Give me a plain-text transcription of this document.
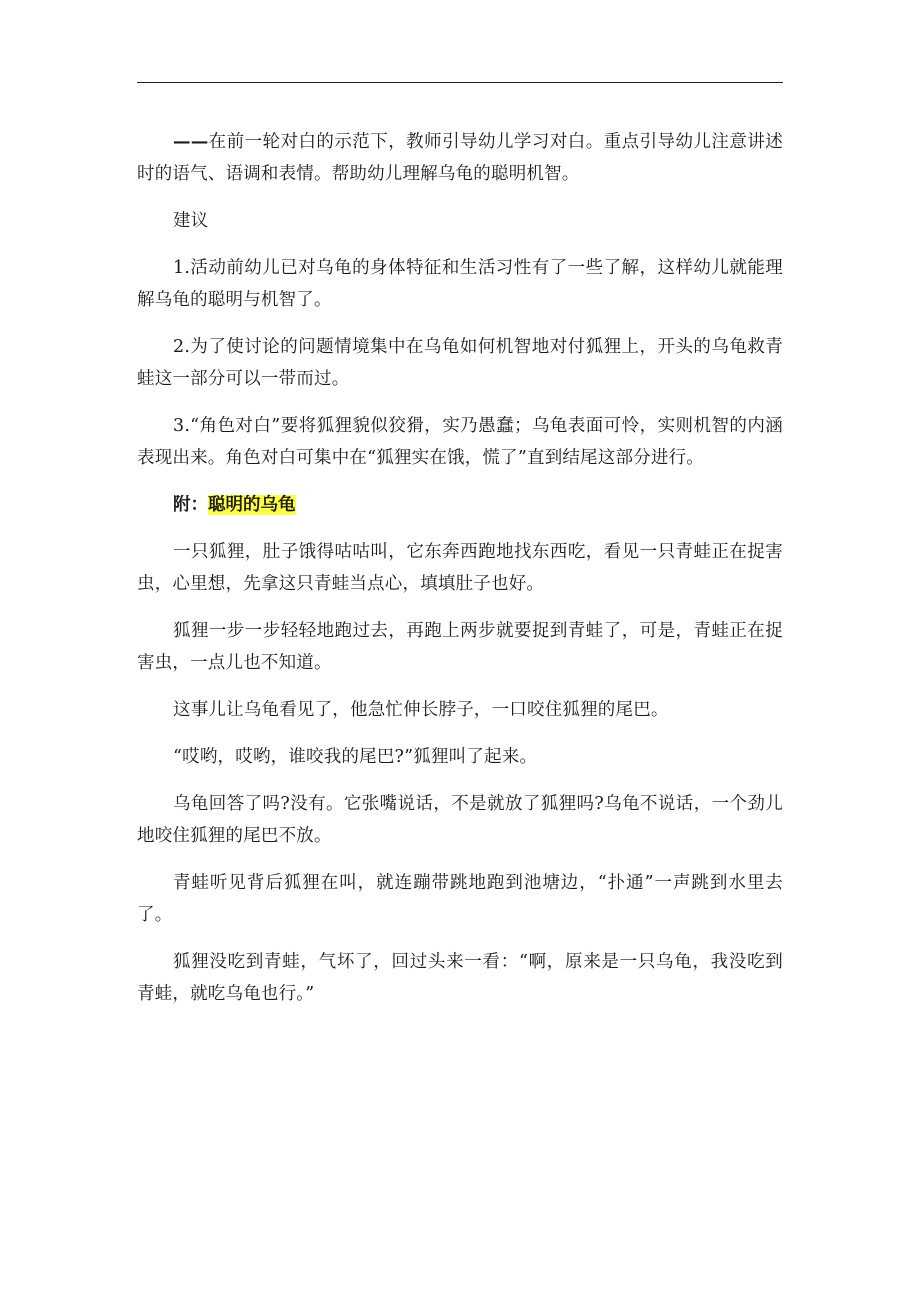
——在前一轮对白的示范下，教师引导幼儿学习对白。重点引导幼儿注意讲述时的语气、语调和表情。帮助幼儿理解乌龟的聪明机智。

建议

1.活动前幼儿已对乌龟的身体特征和生活习性有了一些了解，这样幼儿就能理解乌龟的聪明与机智了。

2.为了使讨论的问题情境集中在乌龟如何机智地对付狐狸上，开头的乌龟救青蛙这一部分可以一带而过。

3.“角色对白”要将狐狸貌似狡猾，实乃愚蠢；乌龟表面可怜，实则机智的内涵表现出来。角色对白可集中在“狐狸实在饿，慌了”直到结尾这部分进行。

附：聪明的乌龟

一只狐狸，肚子饿得咕咕叫，它东奔西跑地找东西吃，看见一只青蛙正在捉害虫，心里想，先拿这只青蛙当点心，填填肚子也好。

狐狸一步一步轻轻地跑过去，再跑上两步就要捉到青蛙了，可是，青蛙正在捉害虫，一点儿也不知道。

这事儿让乌龟看见了，他急忙伸长脖子，一口咬住狐狸的尾巴。

“哎哟，哎哟，谁咬我的尾巴?”狐狸叫了起来。

乌龟回答了吗?没有。它张嘴说话，不是就放了狐狸吗?乌龟不说话，一个劲儿地咬住狐狸的尾巴不放。

青蛙听见背后狐狸在叫，就连蹦带跳地跑到池塘边，“扑通”一声跳到水里去了。

狐狸没吃到青蛙，气坏了，回过头来一看：“啊，原来是一只乌龟，我没吃到青蛙，就吃乌龟也行。”
